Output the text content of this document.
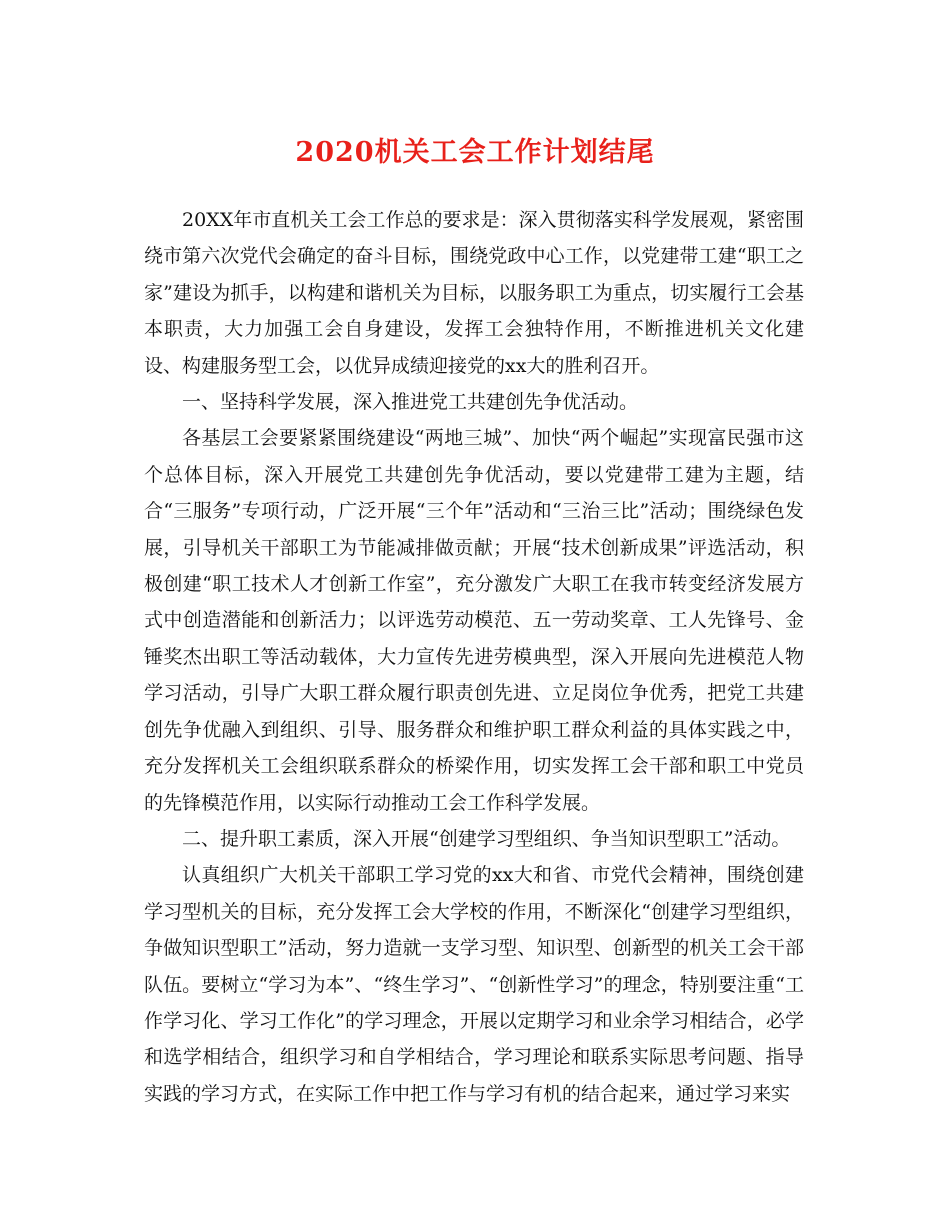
2020机关工会工作计划结尾

20XX年市直机关工会工作总的要求是：深入贯彻落实科学发展观，紧密围绕市第六次党代会确定的奋斗目标，围绕党政中心工作，以党建带工建“职工之家”建设为抓手，以构建和谐机关为目标，以服务职工为重点，切实履行工会基本职责，大力加强工会自身建设，发挥工会独特作用，不断推进机关文化建设、构建服务型工会，以优异成绩迎接党的xx大的胜利召开。

一、坚持科学发展，深入推进党工共建创先争优活动。

各基层工会要紧紧围绕建设“两地三城”、加快“两个崛起”实现富民强市这个总体目标，深入开展党工共建创先争优活动，要以党建带工建为主题，结合“三服务”专项行动，广泛开展“三个年”活动和“三治三比”活动；围绕绿色发展，引导机关干部职工为节能减排做贡献；开展“技术创新成果”评选活动，积极创建“职工技术人才创新工作室”，充分激发广大职工在我市转变经济发展方式中创造潜能和创新活力；以评选劳动模范、五一劳动奖章、工人先锋号、金锤奖杰出职工等活动载体，大力宣传先进劳模典型，深入开展向先进模范人物学习活动，引导广大职工群众履行职责创先进、立足岗位争优秀，把党工共建创先争优融入到组织、引导、服务群众和维护职工群众利益的具体实践之中，充分发挥机关工会组织联系群众的桥梁作用，切实发挥工会干部和职工中党员的先锋模范作用，以实际行动推动工会工作科学发展。

二、提升职工素质，深入开展“创建学习型组织、争当知识型职工”活动。

认真组织广大机关干部职工学习党的xx大和省、市党代会精神，围绕创建学习型机关的目标，充分发挥工会大学校的作用，不断深化“创建学习型组织，争做知识型职工”活动，努力造就一支学习型、知识型、创新型的机关工会干部队伍。要树立“学习为本”、“终生学习”、“创新性学习”的理念，特别要注重“工作学习化、学习工作化”的学习理念，开展以定期学习和业余学习相结合，必学和选学相结合，组织学习和自学相结合，学习理论和联系实际思考问题、指导实践的学习方式，在实际工作中把工作与学习有机的结合起来，通过学习来实
